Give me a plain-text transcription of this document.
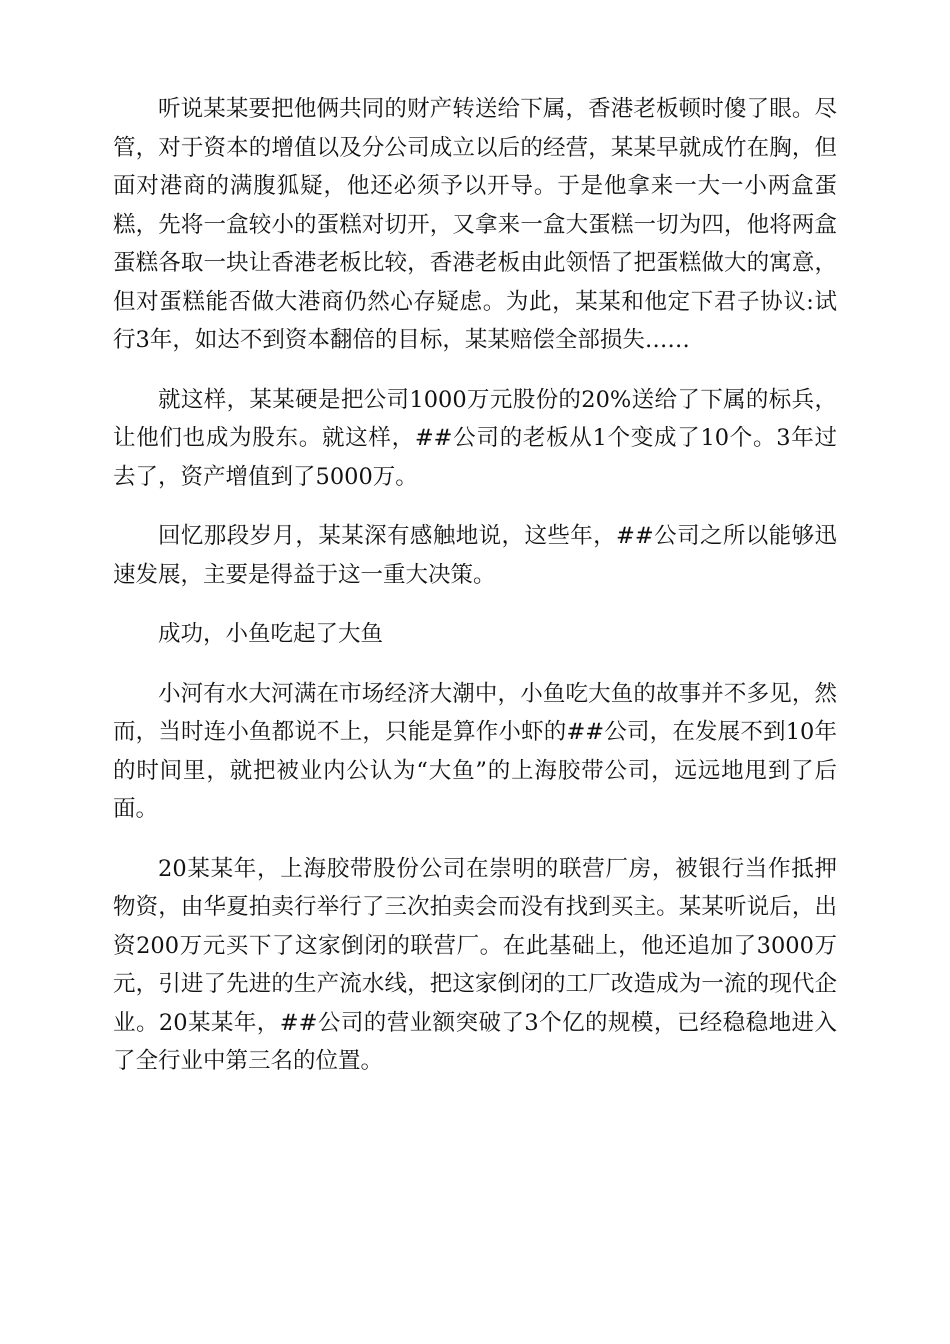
听说某某要把他俩共同的财产转送给下属，香港老板顿时傻了眼。尽管，对于资本的增值以及分公司成立以后的经营，某某早就成竹在胸，但面对港商的满腹狐疑，他还必须予以开导。于是他拿来一大一小两盒蛋糕，先将一盒较小的蛋糕对切开，又拿来一盒大蛋糕一切为四，他将两盒蛋糕各取一块让香港老板比较，香港老板由此领悟了把蛋糕做大的寓意，但对蛋糕能否做大港商仍然心存疑虑。为此，某某和他定下君子协议:试行3年，如达不到资本翻倍的目标，某某赔偿全部损失……

就这样，某某硬是把公司1000万元股份的20%送给了下属的标兵，让他们也成为股东。就这样，##公司的老板从1个变成了10个。3年过去了，资产增值到了5000万。

回忆那段岁月，某某深有感触地说，这些年，##公司之所以能够迅速发展，主要是得益于这一重大决策。

成功，小鱼吃起了大鱼

小河有水大河满在市场经济大潮中，小鱼吃大鱼的故事并不多见，然而，当时连小鱼都说不上，只能是算作小虾的##公司，在发展不到10年的时间里，就把被业内公认为“大鱼”的上海胶带公司，远远地甩到了后面。

20某某年，上海胶带股份公司在崇明的联营厂房，被银行当作抵押物资，由华夏拍卖行举行了三次拍卖会而没有找到买主。某某听说后，出资200万元买下了这家倒闭的联营厂。在此基础上，他还追加了3000万元，引进了先进的生产流水线，把这家倒闭的工厂改造成为一流的现代企业。20某某年，##公司的营业额突破了3个亿的规模，已经稳稳地进入了全行业中第三名的位置。
